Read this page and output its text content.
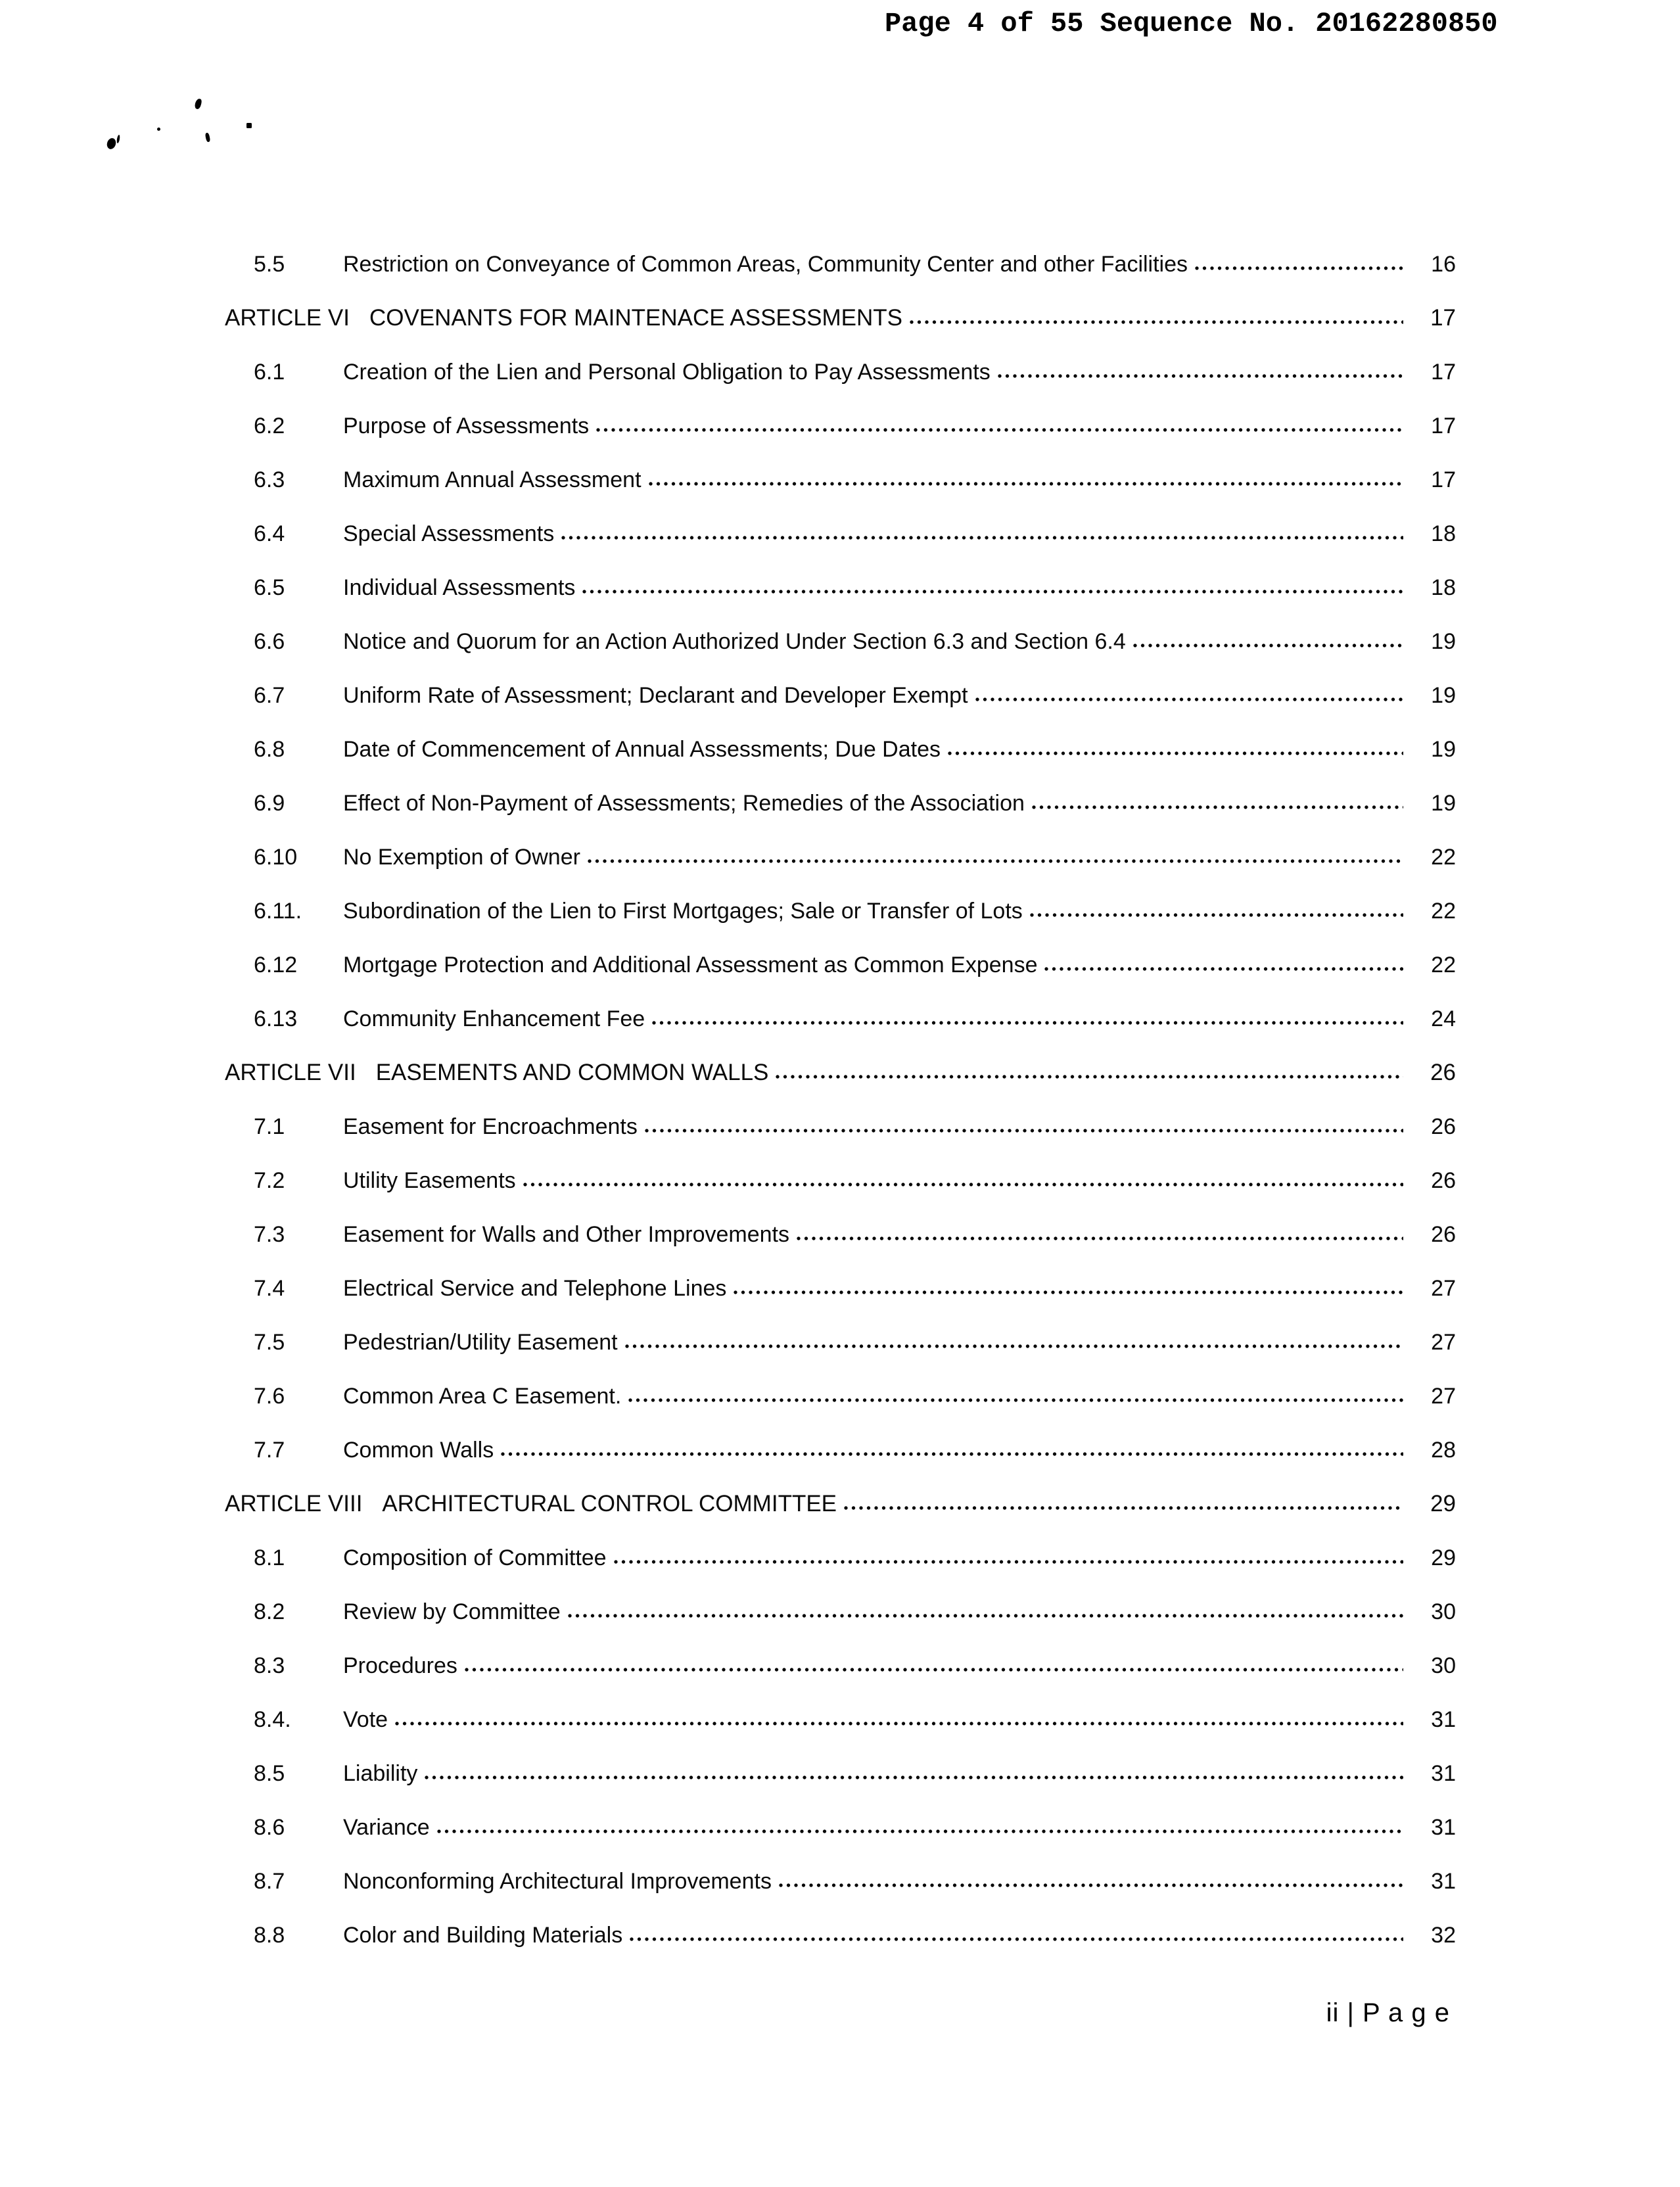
Page 4 of 55 Sequence No. 20162280850
5.5	Restriction on Conveyance of Common Areas, Community Center and other Facilities	16
ARTICLE VI COVENANTS FOR MAINTENACE ASSESSMENTS	17
6.1	Creation of the Lien and Personal Obligation to Pay Assessments	17
6.2	Purpose of Assessments	17
6.3	Maximum Annual Assessment	17
6.4	Special Assessments	18
6.5	Individual Assessments	18
6.6	Notice and Quorum for an Action Authorized Under Section 6.3 and Section 6.4	19
6.7	Uniform Rate of Assessment; Declarant and Developer Exempt	19
6.8	Date of Commencement of Annual Assessments; Due Dates	19
6.9	Effect of Non-Payment of Assessments; Remedies of the Association	19
6.10	No Exemption of Owner	22
6.11.	Subordination of the Lien to First Mortgages; Sale or Transfer of Lots	22
6.12	Mortgage Protection and Additional Assessment as Common Expense	22
6.13	Community Enhancement Fee	24
ARTICLE VII EASEMENTS AND COMMON WALLS	26
7.1	Easement for Encroachments	26
7.2	Utility Easements	26
7.3	Easement for Walls and Other Improvements	26
7.4	Electrical Service and Telephone Lines	27
7.5	Pedestrian/Utility Easement	27
7.6	Common Area C Easement.	27
7.7	Common Walls	28
ARTICLE VIII ARCHITECTURAL CONTROL COMMITTEE	29
8.1	Composition of Committee	29
8.2	Review by Committee	30
8.3	Procedures	30
8.4.	Vote	31
8.5	Liability	31
8.6	Variance	31
8.7	Nonconforming Architectural Improvements	31
8.8	Color and Building Materials	32
ii | P a g e
